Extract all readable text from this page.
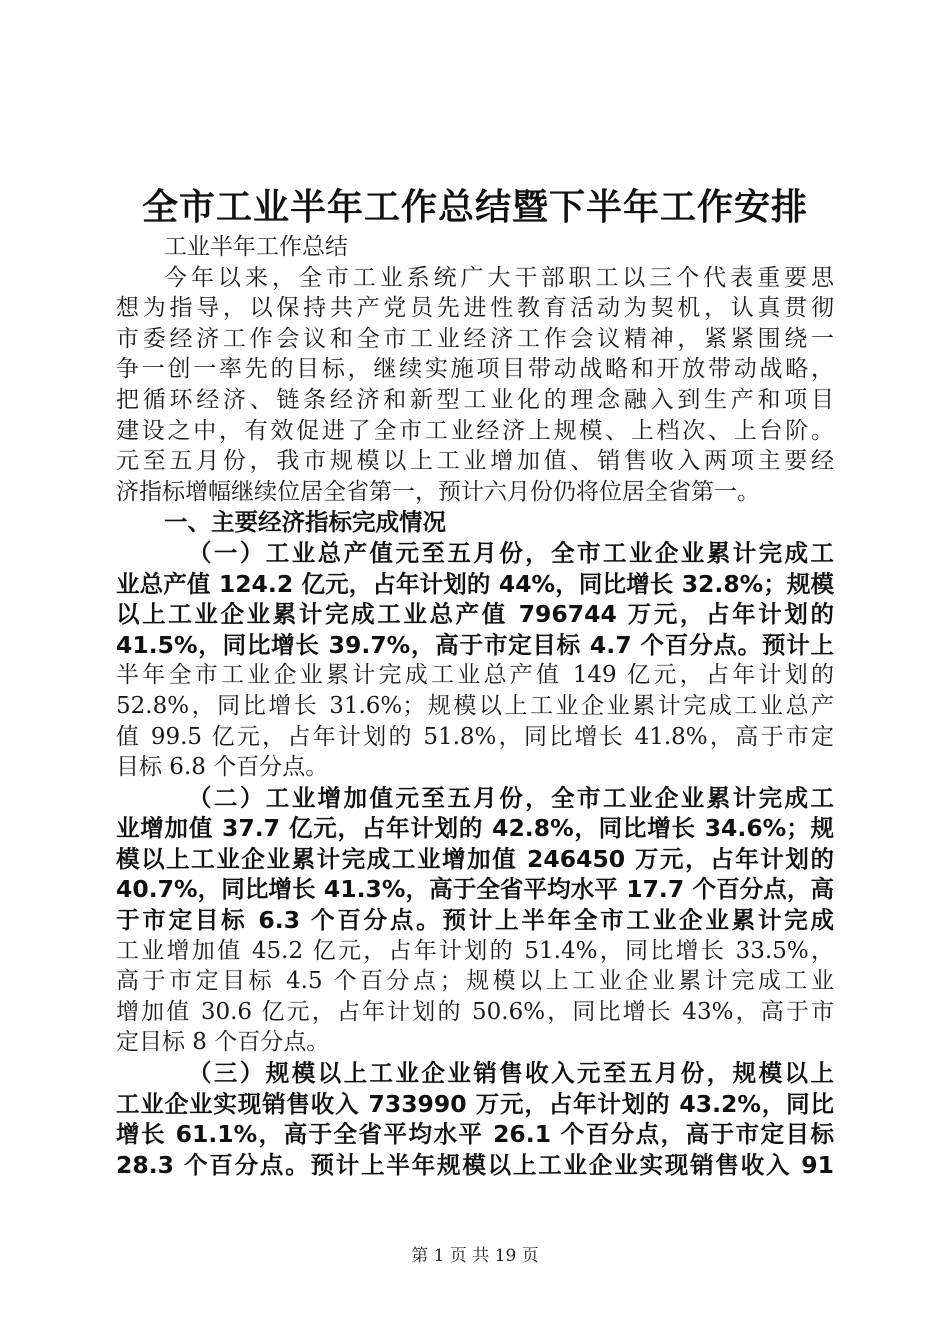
全市工业半年工作总结暨下半年工作安排
工业半年工作总结
今年以来，全市工业系统广大干部职工以三个代表重要思
想为指导，以保持共产党员先进性教育活动为契机，认真贯彻
市委经济工作会议和全市工业经济工作会议精神，紧紧围绕一
争一创一率先的目标，继续实施项目带动战略和开放带动战略，
把循环经济、链条经济和新型工业化的理念融入到生产和项目
建设之中，有效促进了全市工业经济上规模、上档次、上台阶。
元至五月份，我市规模以上工业增加值、销售收入两项主要经
济指标增幅继续位居全省第一，预计六月份仍将位居全省第一。
一、主要经济指标完成情况
（一）工业总产值元至五月份，全市工业企业累计完成工
业总产值 124.2 亿元，占年计划的 44%，同比增长 32.8%；规模
以上工业企业累计完成工业总产值 796744 万元，占年计划的
41.5%，同比增长 39.7%，高于市定目标 4.7 个百分点。预计上
半年全市工业企业累计完成工业总产值 149 亿元，占年计划的
52.8%，同比增长 31.6%；规模以上工业企业累计完成工业总产
值 99.5 亿元，占年计划的 51.8%，同比增长 41.8%，高于市定
目标 6.8 个百分点。
（二）工业增加值元至五月份，全市工业企业累计完成工
业增加值 37.7 亿元，占年计划的 42.8%，同比增长 34.6%；规
模以上工业企业累计完成工业增加值 246450 万元，占年计划的
40.7%，同比增长 41.3%，高于全省平均水平 17.7 个百分点，高
于市定目标 6.3 个百分点。预计上半年全市工业企业累计完成
工业增加值 45.2 亿元，占年计划的 51.4%，同比增长 33.5%，
高于市定目标 4.5 个百分点；规模以上工业企业累计完成工业
增加值 30.6 亿元，占年计划的 50.6%，同比增长 43%，高于市
定目标 8 个百分点。
（三）规模以上工业企业销售收入元至五月份，规模以上
工业企业实现销售收入 733990 万元，占年计划的 43.2%，同比
增长 61.1%，高于全省平均水平 26.1 个百分点，高于市定目标
28.3 个百分点。预计上半年规模以上工业企业实现销售收入 91
第 1 页 共 19 页
